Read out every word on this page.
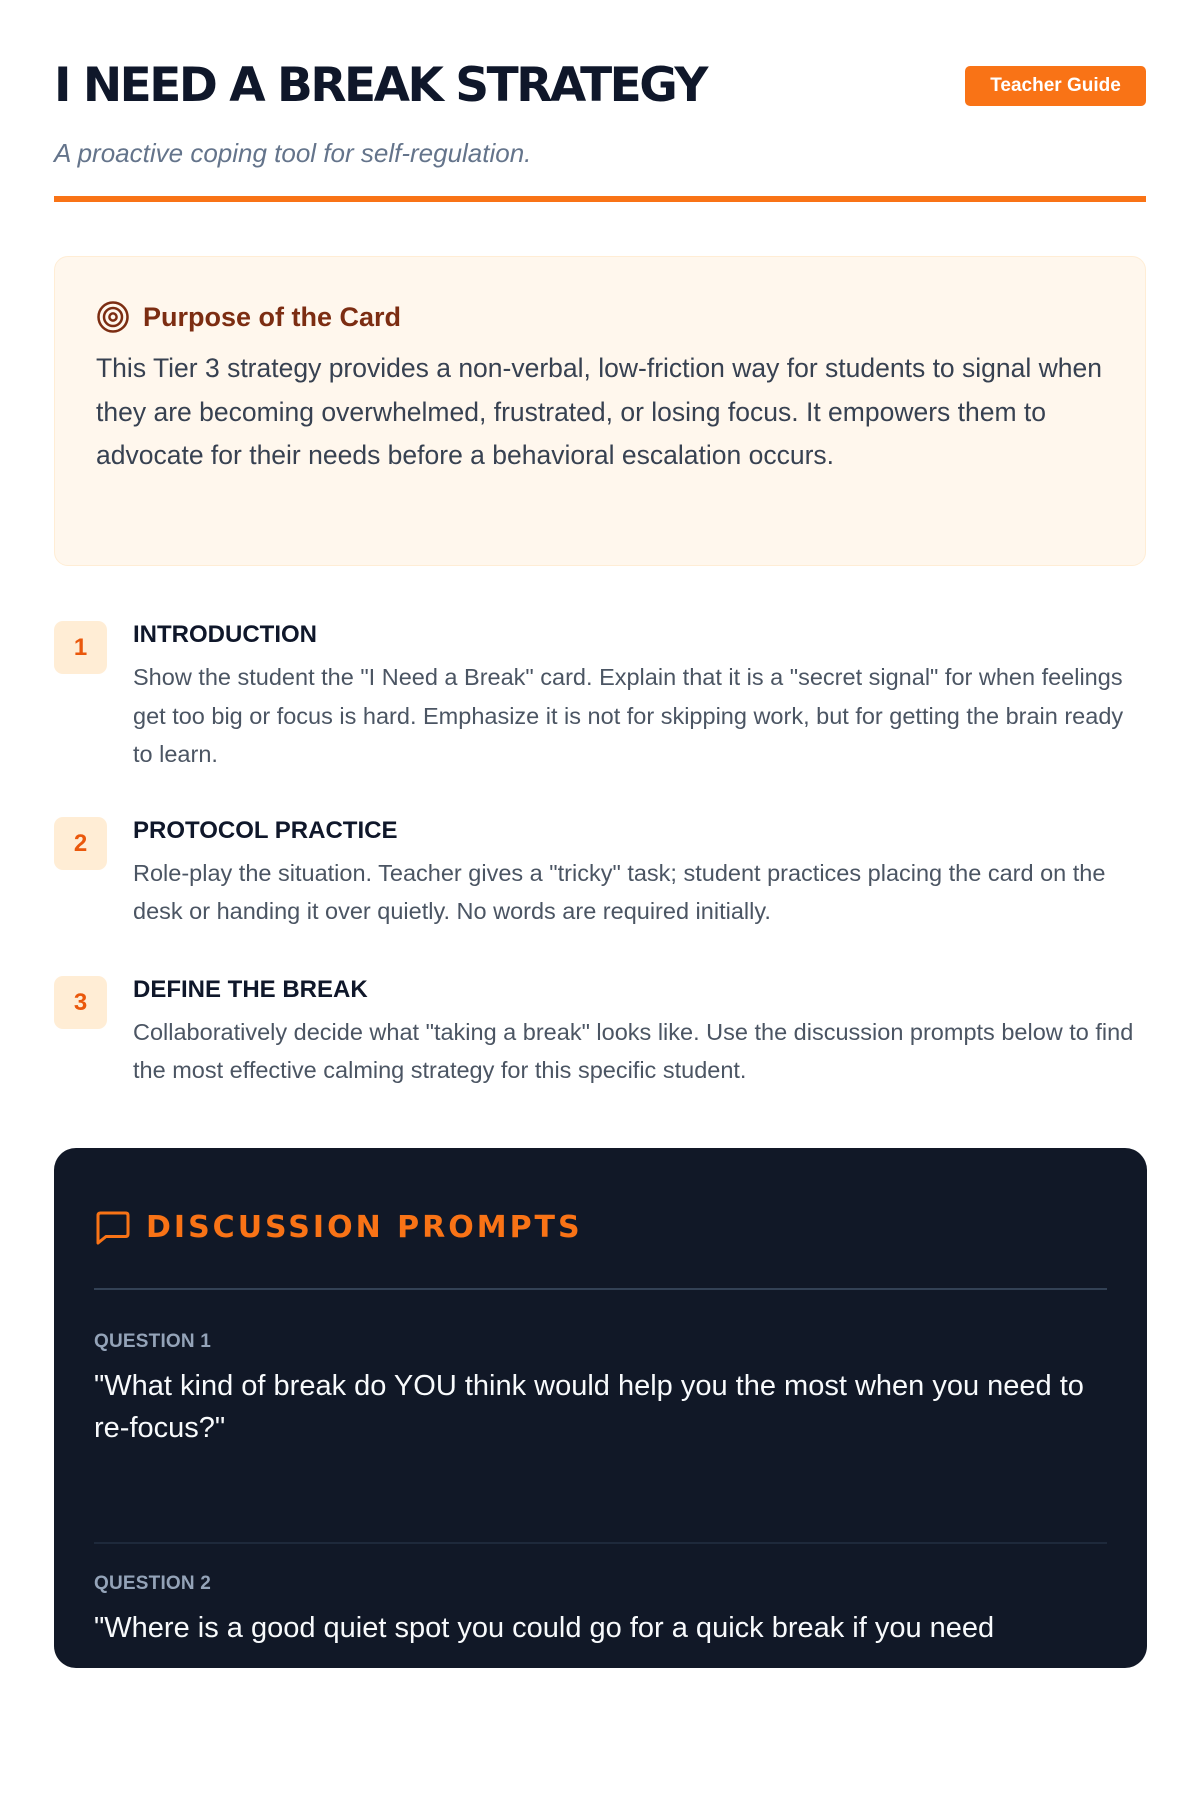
I NEED A BREAK STRATEGY
A proactive coping tool for self-regulation.
Teacher Guide
Purpose of the Card

This Tier 3 strategy provides a non-verbal, low-friction way for students to signal when they are becoming overwhelmed, frustrated, or losing focus. It empowers them to advocate for their needs before a behavioral escalation occurs.

1	INTRODUCTION
Show the student the "I Need a Break" card. Explain that it is a "secret signal" for when feelings get too big or focus is hard. Emphasize it is not for skipping work, but for getting the brain ready to learn.
2	PROTOCOL PRACTICE
Role-play the situation. Teacher gives a "tricky" task; student practices placing the card on the desk or handing it over quietly. No words are required initially.
3	DEFINE THE BREAK
Collaboratively decide what "taking a break" looks like. Use the discussion prompts below to find the most effective calming strategy for this specific student.
DISCUSSION PROMPTS
QUESTION 1
"What kind of break do YOU think would help you the most when you need to re-focus?"
QUESTION 2
"Where is a good quiet spot you could go for a quick break if you need
